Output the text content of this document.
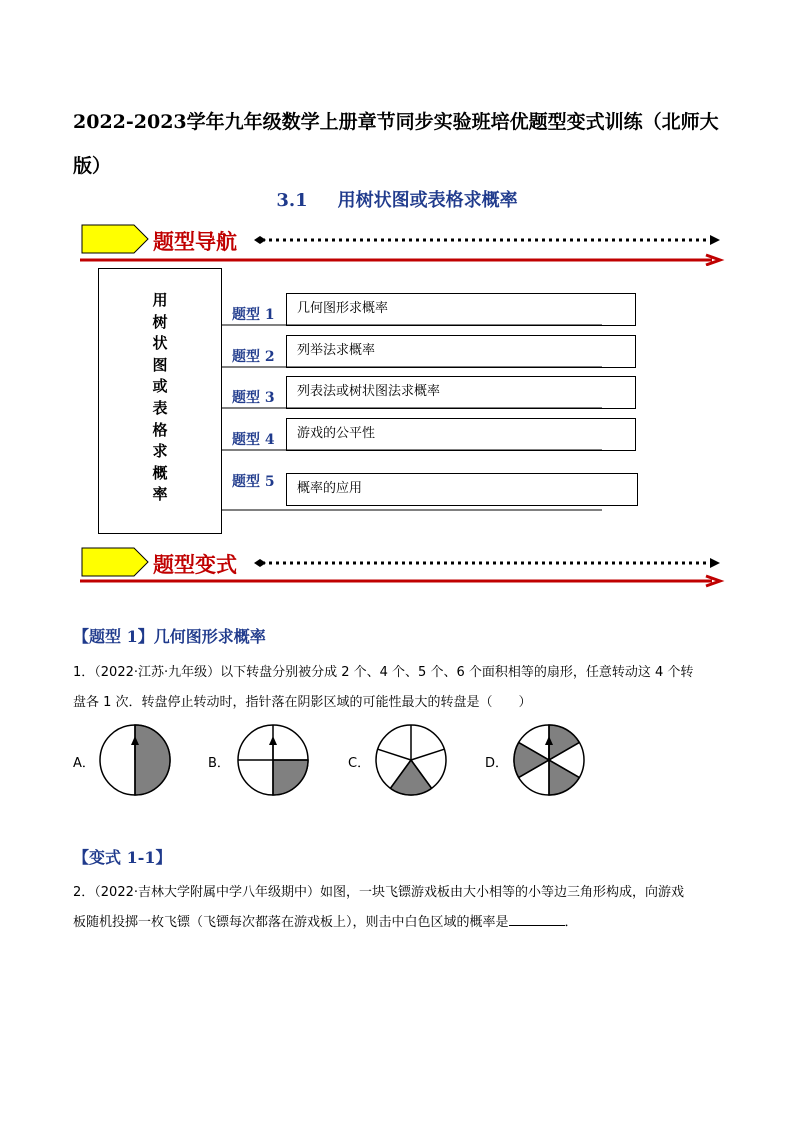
2022-2023学年九年级数学上册章节同步实验班培优题型变式训练（北师大版）
3.1 用树状图或表格求概率
题型导航
用
树
状
图
或
表
格
求
概
率
题型 1	几何图形求概率
题型 2	列举法求概率
题型 3	列表法或树状图法求概率
题型 4	游戏的公平性
题型 5	概率的应用
题型变式
【题型 1】几何图形求概率
1．（2022·江苏·九年级）以下转盘分别被分成 2 个、4 个、5 个、6 个面积相等的扇形，任意转动这 4 个转
盘各 1 次．转盘停止转动时，指针落在阴影区域的可能性最大的转盘是（　　）
A．	B．	C．	D．
【变式 1-1】
2．（2022·吉林大学附属中学八年级期中）如图，一块飞镖游戏板由大小相等的小等边三角形构成，向游戏
板随机投掷一枚飞镖（飞镖每次都落在游戏板上），则击中白色区域的概率是	．
